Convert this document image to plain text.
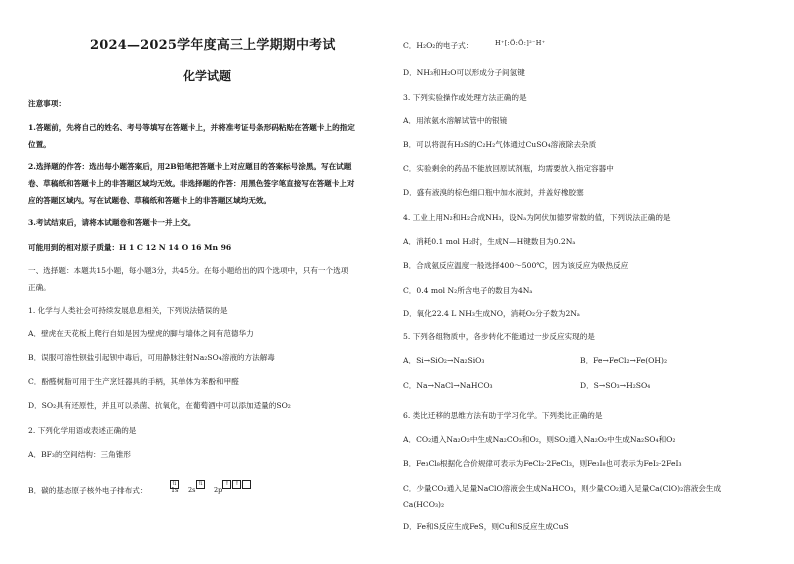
2024—2025学年度高三上学期期中考试
化学试题
注意事项：
1.答题前，先将自己的姓名、考号等填写在答题卡上，并将准考证号条形码粘贴在答题卡上的指定
位置。
2.选择题的作答：选出每小题答案后，用2B铅笔把答题卡上对应题目的答案标号涂黑。写在试题
卷、草稿纸和答题卡上的非答题区域均无效。非选择题的作答：用黑色签字笔直接写在答题卡上对
应的答题区域内。写在试题卷、草稿纸和答题卡上的非答题区域均无效。
3.考试结束后，请将本试题卷和答题卡一并上交。
可能用到的相对原子质量：H 1 C 12 N 14 O 16 Mn 96
一、选择题：本题共15小题，每小题3分，共45分。在每小题给出的四个选项中，只有一个选项
正确。
1. 化学与人类社会可持续发展息息相关，下列说法错误的是
A．壁虎在天花板上爬行自如是因为壁虎的脚与墙体之间有范德华力
B．误服可溶性钡盐引起钡中毒后，可用静脉注射Na₂SO₄溶液的方法解毒
C．酚醛树脂可用于生产烹饪器具的手柄，其单体为苯酚和甲醛
D．SO₂具有还原性，并且可以杀菌、抗氧化，在葡萄酒中可以添加适量的SO₂
2. 下列化学用语或表述正确的是
A．BF₃的空间结构：三角锥形
B．碳的基态原子核外电子排布式：
⇅	⇅	↑ ↑
1s 2s	2p
C．H₂O₂的电子式：	H⁺[:Ö:Ö:]²⁻H⁺
D．NH₃和H₂O可以形成分子间氢键
3. 下列实验操作或处理方法正确的是
A．用浓氨水溶解试管中的银镜
B．可以将混有H₂S的C₂H₂气体通过CuSO₄溶液除去杂质
C．实验剩余的药品不能放回原试剂瓶，均需要放入指定容器中
D．盛有液溴的棕色细口瓶中加水液封，并盖好橡胶塞
4. 工业上用N₂和H₂合成NH₃，设Nₐ为阿伏加德罗常数的值，下列说法正确的是
A．消耗0.1 mol H₂时，生成N—H键数目为0.2Nₐ
B．合成氨反应温度一般选择400～500℃，因为该反应为吸热反应
C．0.4 mol N₂所含电子的数目为4Nₐ
D．氧化22.4 L NH₃生成NO，消耗O₂分子数为2Nₐ
5. 下列各组物质中，各步转化不能通过一步反应实现的是
A．Si→SiO₂→Na₂SiO₃	B．Fe→FeCl₂→Fe(OH)₂
C．Na→NaCl→NaHCO₃	D．S→SO₃→H₂SO₄
6. 类比迁移的思维方法有助于学习化学。下列类比正确的是
A．CO₂通入Na₂O₂中生成Na₂CO₃和O₂，则SO₂通入Na₂O₂中生成Na₂SO₄和O₂
B．Fe₃Cl₈根据化合价规律可表示为FeCl₂·2FeCl₃，则Fe₃I₈也可表示为FeI₂·2FeI₃
C．少量CO₂通入足量NaClO溶液会生成NaHCO₃，则少量CO₂通入足量Ca(ClO)₂溶液会生成
Ca(HCO₃)₂
D．Fe和S反应生成FeS，则Cu和S反应生成CuS
